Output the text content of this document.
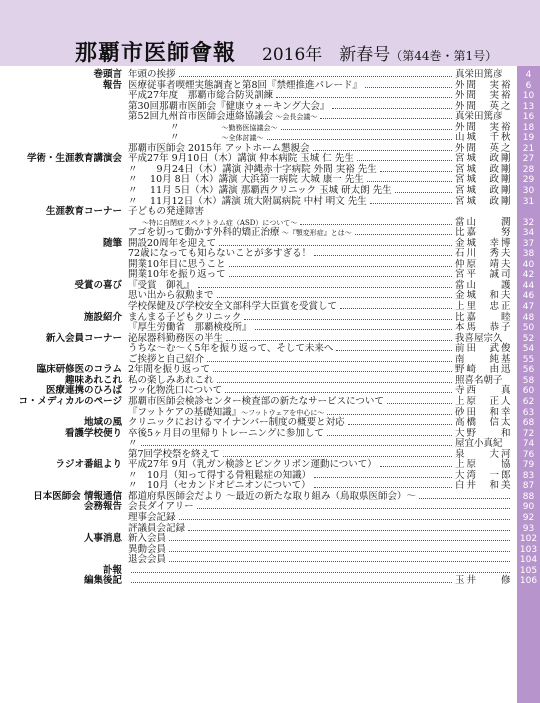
那覇市医師會報 2016年　新春号（第44巻・第1号）
巻頭言 年頭の挨拶	真栄田篤彦	4
報告 医療従事者喫煙実態調査と第8回『禁煙推進パレード』	外間　実裕	6
平成27年度　那覇市総合防災訓練	外間　実裕	10
第30回那覇市医師会『健康ウォーキング大会』	外間　英之	13
第52回九州首市医師会連絡協議会 ～会長会議～	真栄田篤彦	16
〃　　　　　　～勤務医協議会～	外間　実裕	18
〃　　　　　　～全体討議～	山城　千秋	19
那覇市医師会 2015年 アットホーム懇親会	外間　英之	21
学術・生涯教育講演会 平成27年 9月10日（木）講演 仲本病院 玉城 仁 先生	宮城　政剛	27
〃　　9月24日（木）講演 沖縄赤十字病院 外間 実裕 先生	宮城　政剛	28
〃　 10月 8日（木）講演 大浜第一病院 大城 康一 先生	宮城　政剛	29
〃　 11月 5日（木）講演 那覇西クリニック 玉城 研太朗 先生	宮城　政剛	30
〃　 11月12日（木）講演 琉大附属病院 中村 明文 先生	宮城　政剛	31
生涯教育コーナー 子どもの発達障害
　　～特に自閉症スペクトラム症（ASD）について～	當山　　潤	32
アゴを切って動かす外科的矯正治療 ～『顎変形症』とは～	比嘉　　努	34
随筆 開設20周年を迎えて	金城　幸博	37
72歳になっても知らないことが多すぎる！	石川　秀夫	38
開業10年目に思うこと	仲原　靖夫	40
開業10年を振り返って	宮平　誠司	42
受賞の喜び 『受賞　御礼』	當山　　護	44
思い出から叙勲まで	金城　和夫	46
学校保健及び学校安全文部科学大臣賞を受賞して	上里　忠正	47
施設紹介 まんまる子どもクリニック	比嘉　　睦	48
『厚生労働省　那覇検疫所』	本馬　恭子	50
新入会員コーナー 泌尿器科勤務医の半生	我喜屋宗久	52
うちな～む～く5年を振り返って、そして未来へ	前田　武俊	54
ご挨拶と自己紹介	南　　純基	55
臨床研修医のコラム 2年間を振り返って	野崎　由迅	56
趣味あれこれ 私の楽しみあれこれ	照喜名朝子	58
医療連携のひろば フッ化物洗口について	寺西　　真	60
コ・メディカルのページ 那覇市医師会検診センター検査部の新たなサービスについて	上原　正人	62
『フットケアの基礎知識』～フットウェアを中心に～	砂田　和幸	63
地域の風 クリニックにおけるマイナンバー制度の概要と対応	高橋　信太	68
看護学校便り 卒後5ヶ月目の里帰りトレーニングに参加して	大野　　和	72
〃	屋宜小真紀	74
第7回学校祭を終えて	泉　　大河	76
ラジオ番組より 平成27年 9月（乳ガン検診とピンクリボン運動について）	上原　　協	79
〃　10月（知って得する骨粗鬆症の知識）	大湾　一郎	83
〃　10月（セカンドオピニオンについて）	白井　和美	87
日本医師会 情報通信 都道府県医師会だより ～最近の新たな取り組み（鳥取県医師会）～	88
会務報告 会長ダイアリー	90
理事会記録	92
評議員会記録	93
人事消息 新入会員	102
異動会員	103
退会会員	104
訃報	105
編集後記	玉井　　修 106
